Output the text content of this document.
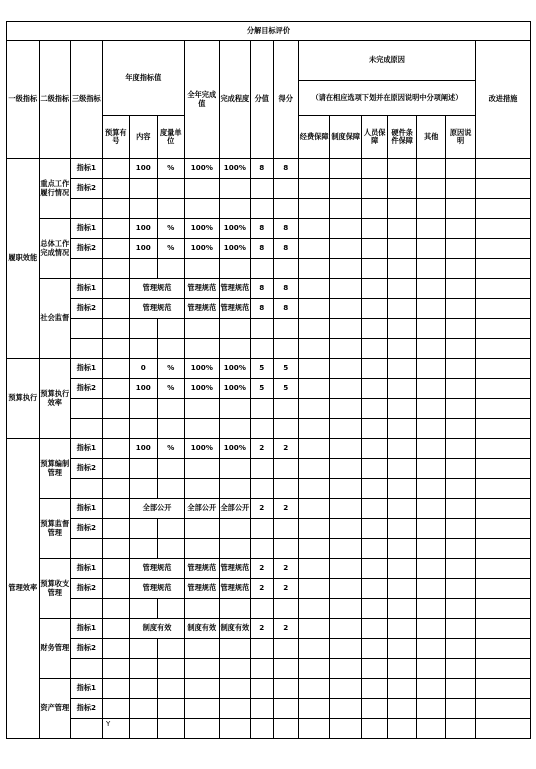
分解目标评价																
一级指标	二级指标	三级指标	年度指标值			全年完成值	完成程度	分值	得分	未完成原因						改进措施
										（请在相应选项下划并在原因说明中分项阐述）						
			预算有号	内容	度量单位					经费保障	制度保障	人员保障	硬件条件保障	其他	原因说明	
履职效能	重点工作履行情况	指标1		100	%	100%	100%	8	8							
		指标2														

	总体工作完成情况	指标1		100	%	100%	100%	8	8							
		指标2		100	%	100%	100%	8	8							

	社会监督	指标1		管理规范		管理规范	管理规范	8	8							
		指标2		管理规范		管理规范	管理规范	8	8							

预算执行	预算执行效率	指标1		0	%	100%	100%	5	5							
		指标2		100	%	100%	100%	5	5							

管理效率	预算编制管理	指标1		100	%	100%	100%	2	2							
		指标2														

	预算监督管理	指标1		全部公开		全部公开	全部公开	2	2							
		指标2														

	预算收支管理	指标1		管理规范		管理规范	管理规范	2	2							
		指标2		管理规范		管理规范	管理规范	2	2							

	财务管理	指标1		制度有效		制度有效	制度有效	2	2							
		指标2														

	资产管理	指标1														
		指标2														

Y
